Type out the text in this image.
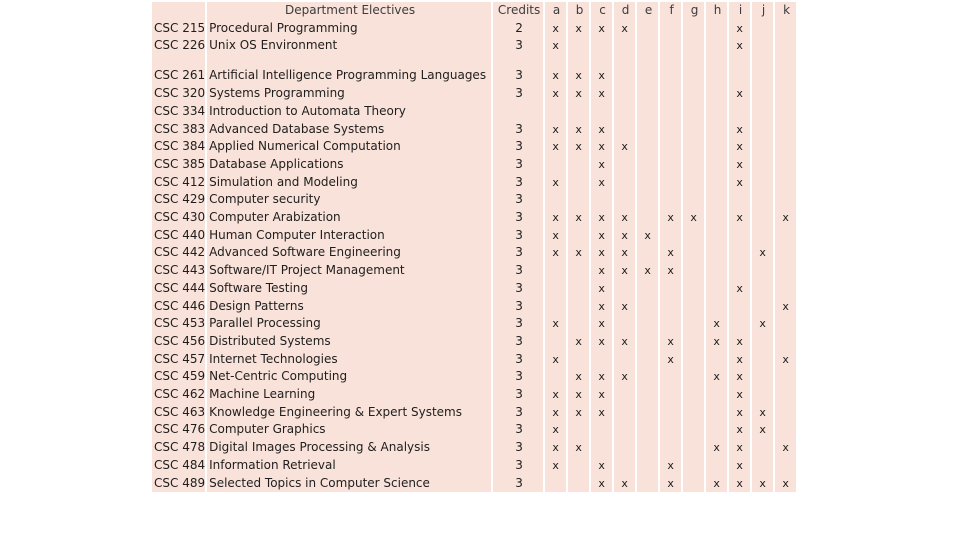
	Department Electives	Credits	a	b	c	d	e	f	g	h	i	j	k
CSC 215	Procedural Programming	2	x	x	x	x					x		
CSC 226	Unix OS Environment	3	x								x		
CSC 261	Artificial Intelligence Programming Languages	3	x	x	x								
CSC 320	Systems Programming	3	x	x	x						x		
CSC 334	Introduction to Automata Theory												
CSC 383	Advanced Database Systems	3	x	x	x						x		
CSC 384	Applied Numerical Computation	3	x	x	x	x					x		
CSC 385	Database Applications	3			x						x		
CSC 412	Simulation and Modeling	3	x		x						x		
CSC 429	Computer security	3											
CSC 430	Computer Arabization	3	x	x	x	x		x	x		x		x
CSC 440	Human Computer Interaction	3	x		x	x	x						
CSC 442	Advanced Software Engineering	3	x	x	x	x		x				x	
CSC 443	Software/IT Project Management	3			x	x	x	x					
CSC 444	Software Testing	3			x						x		
CSC 446	Design Patterns	3			x	x							x
CSC 453	Parallel Processing	3	x		x					x		x	
CSC 456	Distributed Systems	3		x	x	x		x		x	x		
CSC 457	Internet Technologies	3	x					x			x		x
CSC 459	Net-Centric Computing	3		x	x	x				x	x		
CSC 462	Machine Learning	3	x	x	x						x		
CSC 463	Knowledge Engineering & Expert Systems	3	x	x	x						x	x	
CSC 476	Computer Graphics	3	x								x	x	
CSC 478	Digital Images Processing & Analysis	3	x	x						x	x		x
CSC 484	Information Retrieval	3	x		x			x			x		
CSC 489	Selected Topics in Computer Science	3			x	x		x		x	x	x	x
